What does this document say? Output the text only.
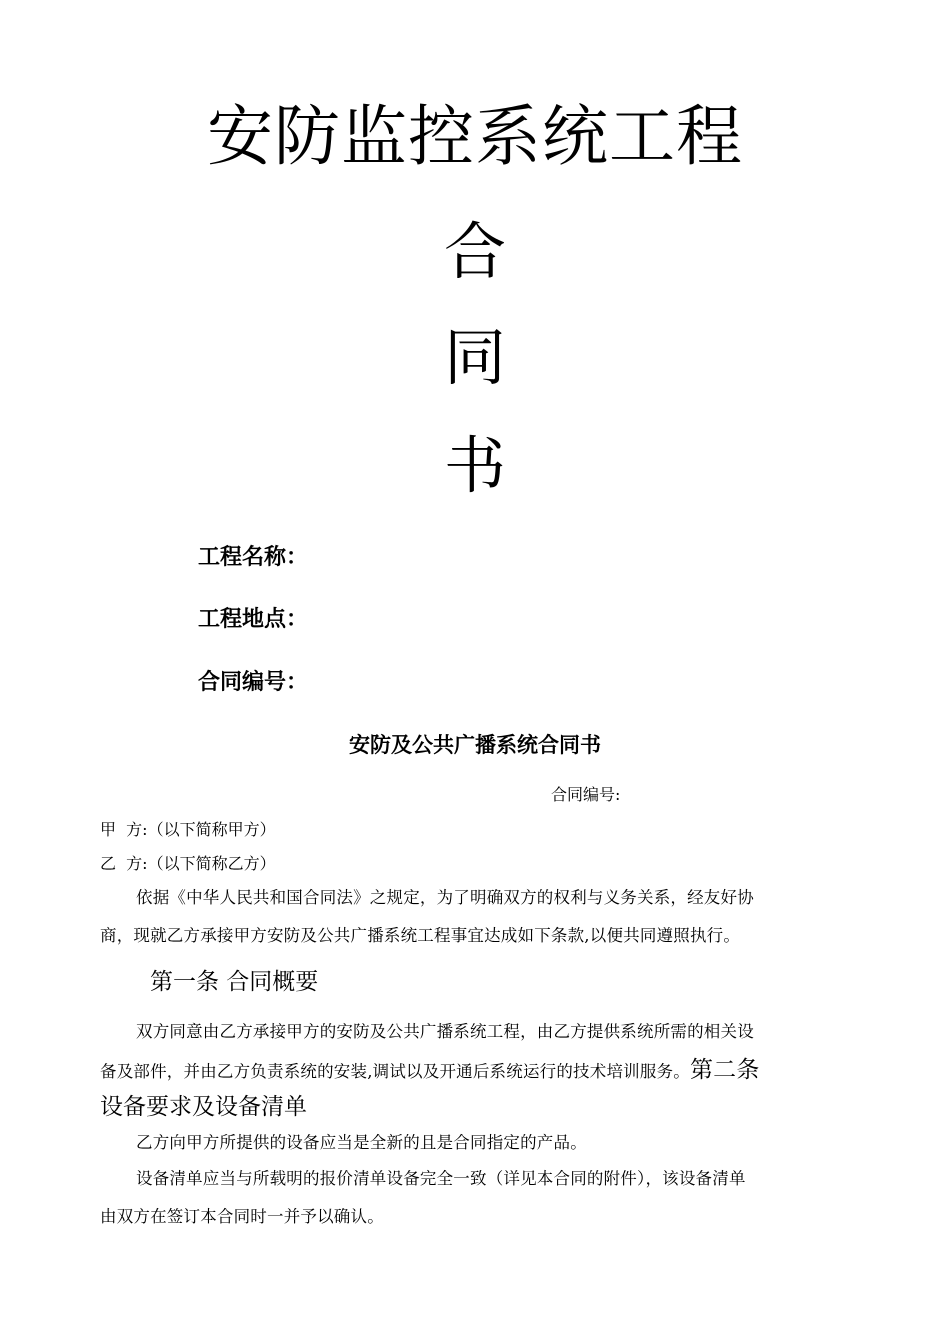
安防监控系统工程
合
同
书
工程名称：
工程地点：
合同编号：
安防及公共广播系统合同书
合同编号:
甲  方:（以下简称甲方）
乙  方:（以下简称乙方）
依据《中华人民共和国合同法》之规定，为了明确双方的权利与义务关系，经友好协
商，现就乙方承接甲方安防及公共广播系统工程事宜达成如下条款,以便共同遵照执行。
第一条 合同概要
双方同意由乙方承接甲方的安防及公共广播系统工程，由乙方提供系统所需的相关设
备及部件，并由乙方负责系统的安装,调试以及开通后系统运行的技术培训服务。第二条
设备要求及设备清单
乙方向甲方所提供的设备应当是全新的且是合同指定的产品。
设备清单应当与所载明的报价清单设备完全一致（详见本合同的附件），该设备清单
由双方在签订本合同时一并予以确认。
